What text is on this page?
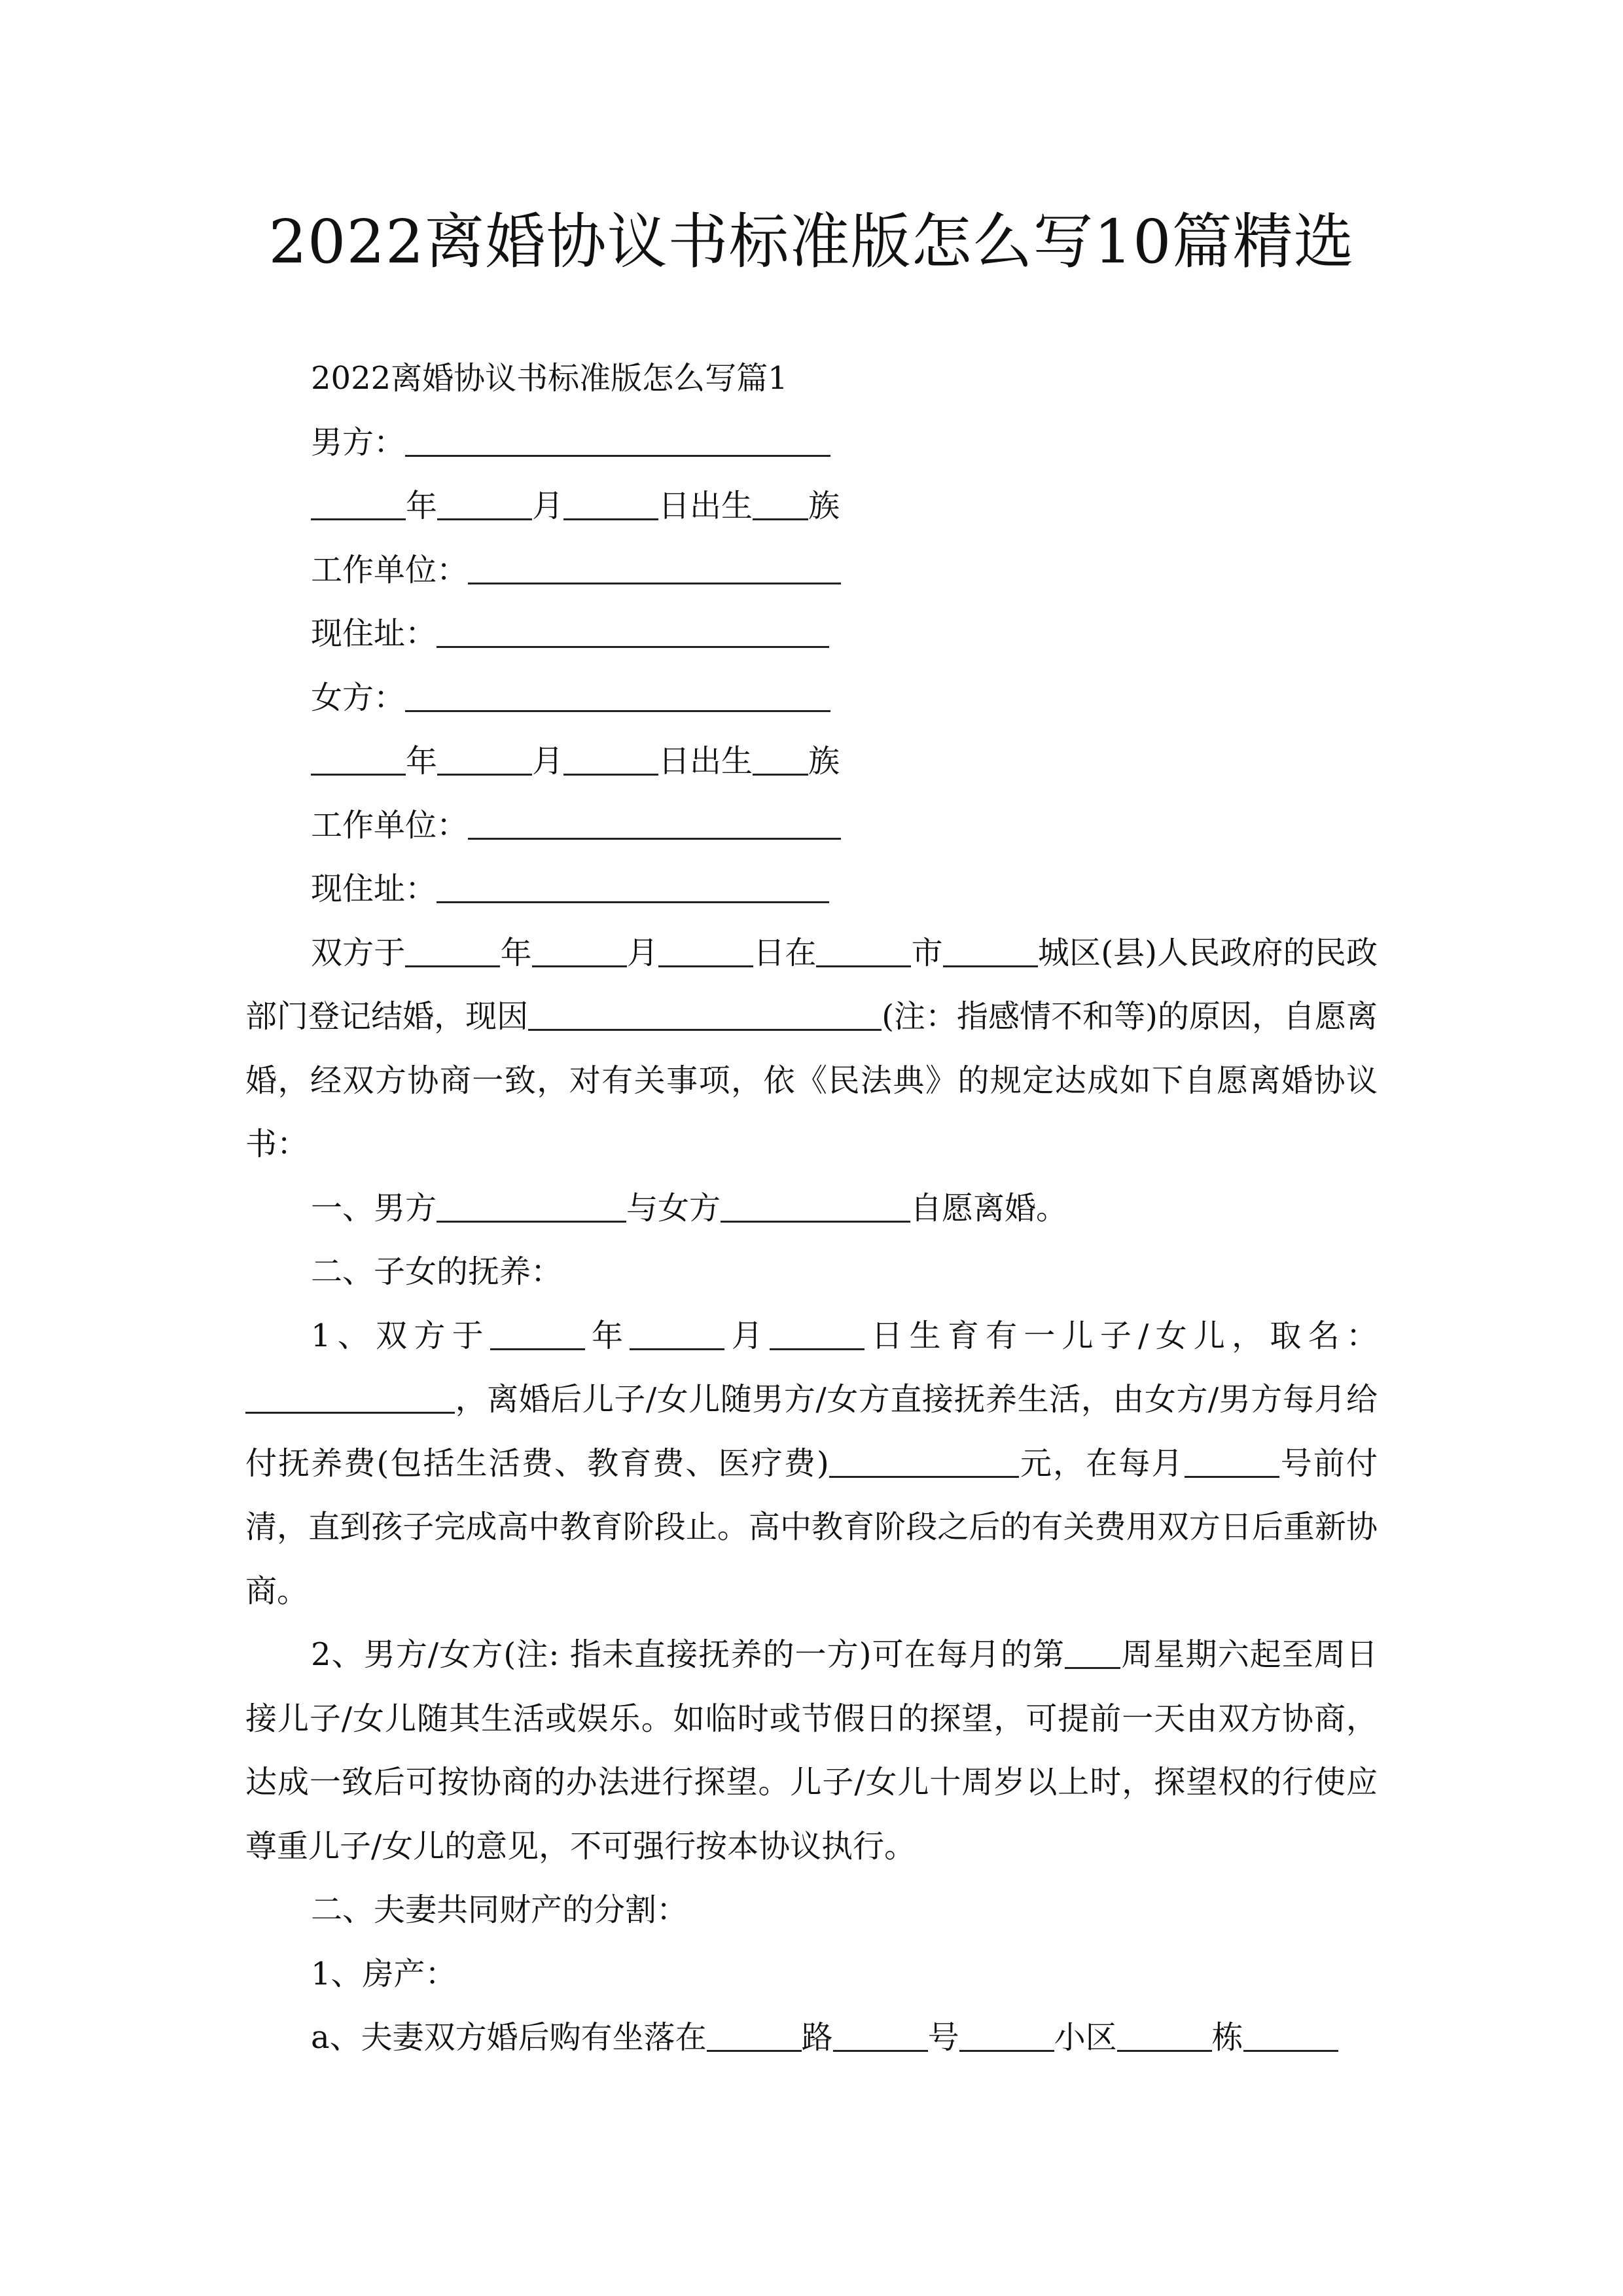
2022离婚协议书标准版怎么写10篇精选

2022离婚协议书标准版怎么写篇1

男方：

年	月	日出生 族

工作单位：

现住址：

女方：

年	月	日出生 族

工作单位：

现住址：

双方于	年	月	日在	市	城区(县)人民政府的民政部门登记结婚，现因	(注：指感情不和等)的原因，自愿离婚，经双方协商一致，对有关事项，依《民法典》的规定达成如下自愿离婚协议书：

一、男方	与女方	自愿离婚。

二、子女的抚养：

1、双方于	年	月	日生育有一儿子/女儿，取名：，离婚后儿子/女儿随男方/女方直接抚养生活，由女方/男方每月给付抚养费(包括生活费、教育费、医疗费)	元，在每月	号前付清，直到孩子完成高中教育阶段止。高中教育阶段之后的有关费用双方日后重新协商。

2、男方/女方(注: 指未直接抚养的一方)可在每月的第 周星期六起至周日接儿子/女儿随其生活或娱乐。如临时或节假日的探望，可提前一天由双方协商，达成一致后可按协商的办法进行探望。儿子/女儿十周岁以上时，探望权的行使应尊重儿子/女儿的意见，不可强行按本协议执行。

二、夫妻共同财产的分割：

1、房产：

a、夫妻双方婚后购有坐落在	路	号	小区	栋
